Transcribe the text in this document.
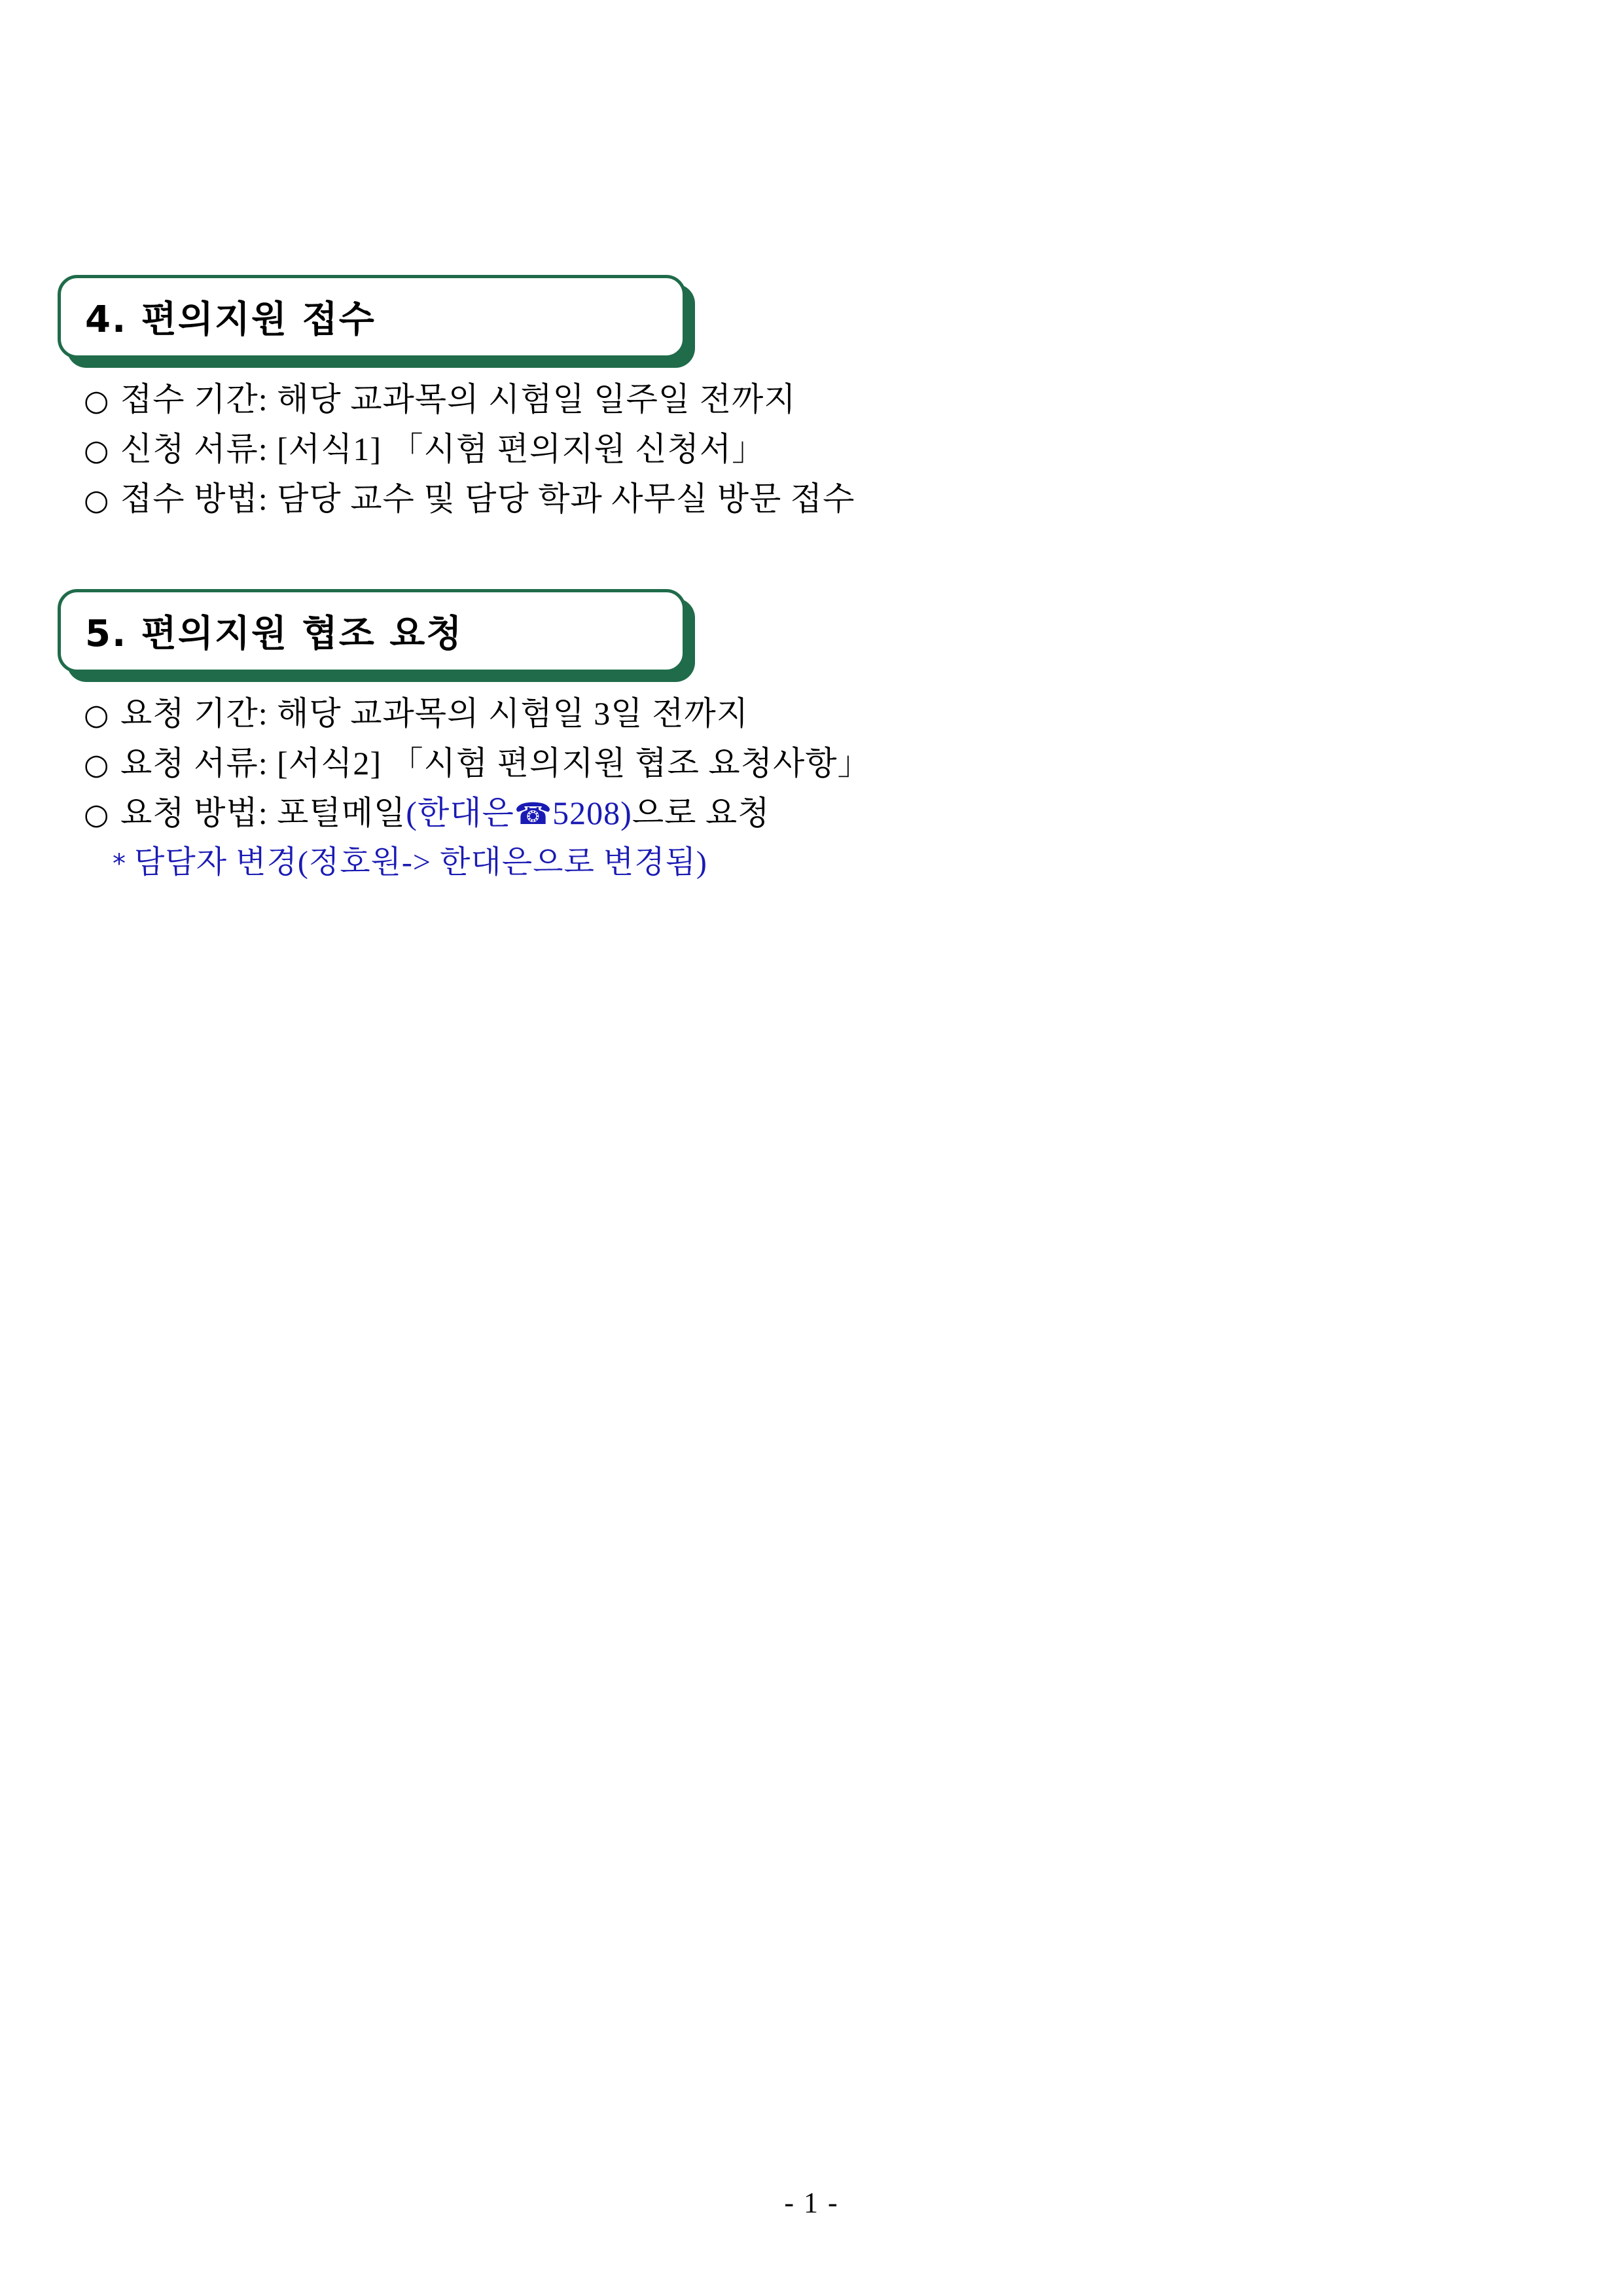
4. 편의지원 접수
○ 접수 기간: 해당 교과목의 시험일 일주일 전까지
○ 신청 서류: [서식1] 「시험 편의지원 신청서」
○ 접수 방법: 담당 교수 및 담당 학과 사무실 방문 접수
5. 편의지원 협조 요청
○ 요청 기간: 해당 교과목의 시험일 3일 전까지
○ 요청 서류: [서식2] 「시험 편의지원 협조 요청사항」
○ 요청 방법: 포털메일(한대은☎5208)으로 요청
* 담담자 변경(정호원-> 한대은으로 변경됨)
- 1 -
